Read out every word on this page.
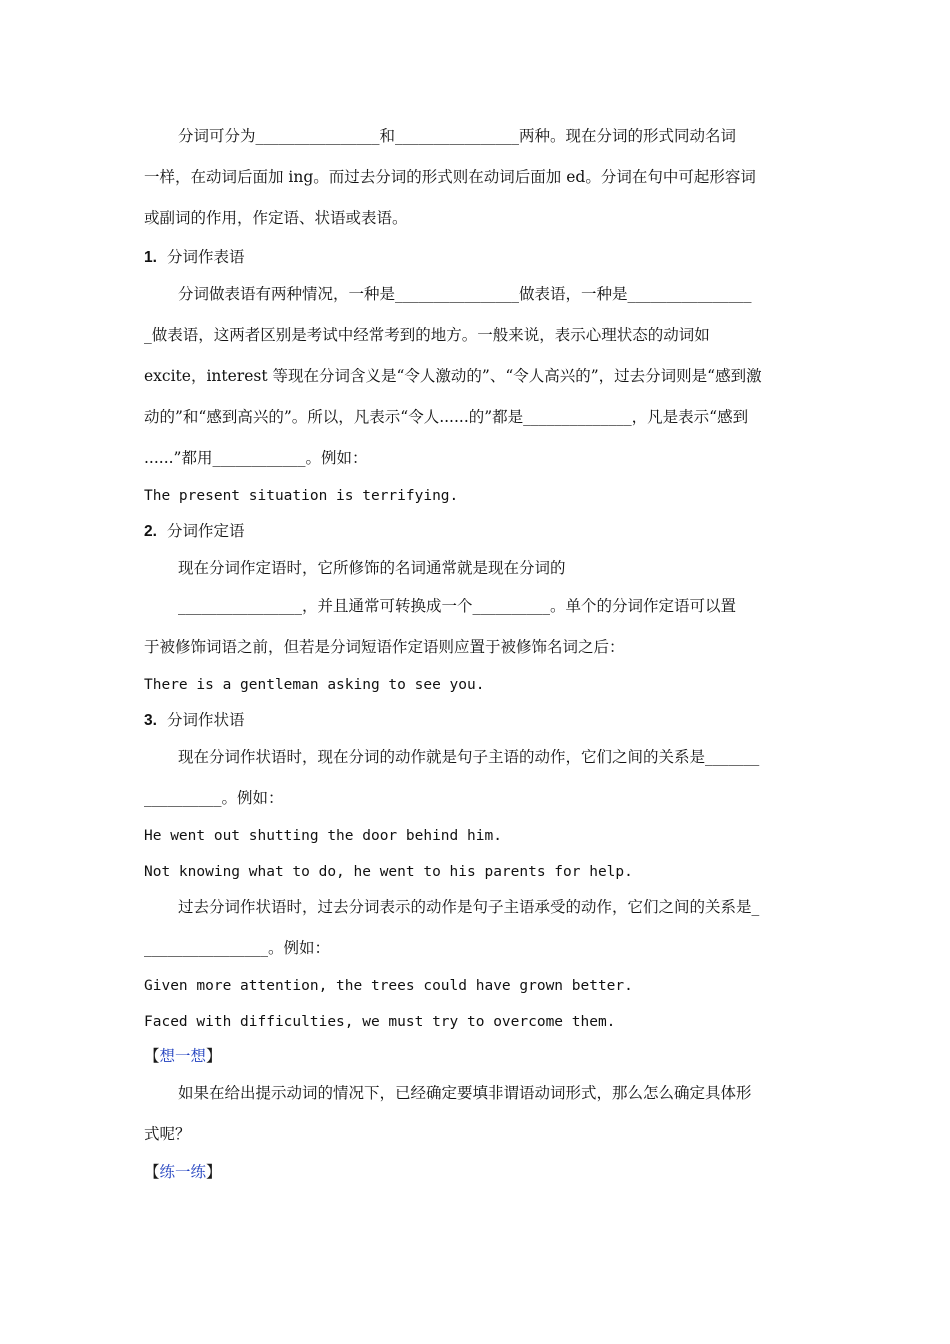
分词可分为________________和________________两种。现在分词的形式同动名词
一样，在动词后面加 ing。而过去分词的形式则在动词后面加 ed。分词在句中可起形容词
或副词的作用，作定语、状语或表语。
1. 分词作表语
分词做表语有两种情况，一种是________________做表语，一种是________________
_做表语，这两者区别是考试中经常考到的地方。一般来说，表示心理状态的动词如
excite，interest 等现在分词含义是“令人激动的”、“令人高兴的”，过去分词则是“感到激
动的”和“感到高兴的”。所以，凡表示“令人......的”都是______________，凡是表示“感到
......”都用____________。例如：
The present situation is terrifying.
2. 分词作定语
现在分词作定语时，它所修饰的名词通常就是现在分词的
________________，并且通常可转换成一个__________。单个的分词作定语可以置
于被修饰词语之前，但若是分词短语作定语则应置于被修饰名词之后：
There is a gentleman asking to see you.
3. 分词作状语
现在分词作状语时，现在分词的动作就是句子主语的动作，它们之间的关系是_______
__________。例如：
He went out shutting the door behind him.
Not knowing what to do, he went to his parents for help.
过去分词作状语时，过去分词表示的动作是句子主语承受的动作，它们之间的关系是_
________________。例如：
Given more attention, the trees could have grown better.
Faced with difficulties, we must try to overcome them.
【想一想】
如果在给出提示动词的情况下，已经确定要填非谓语动词形式，那么怎么确定具体形
式呢？
【练一练】
